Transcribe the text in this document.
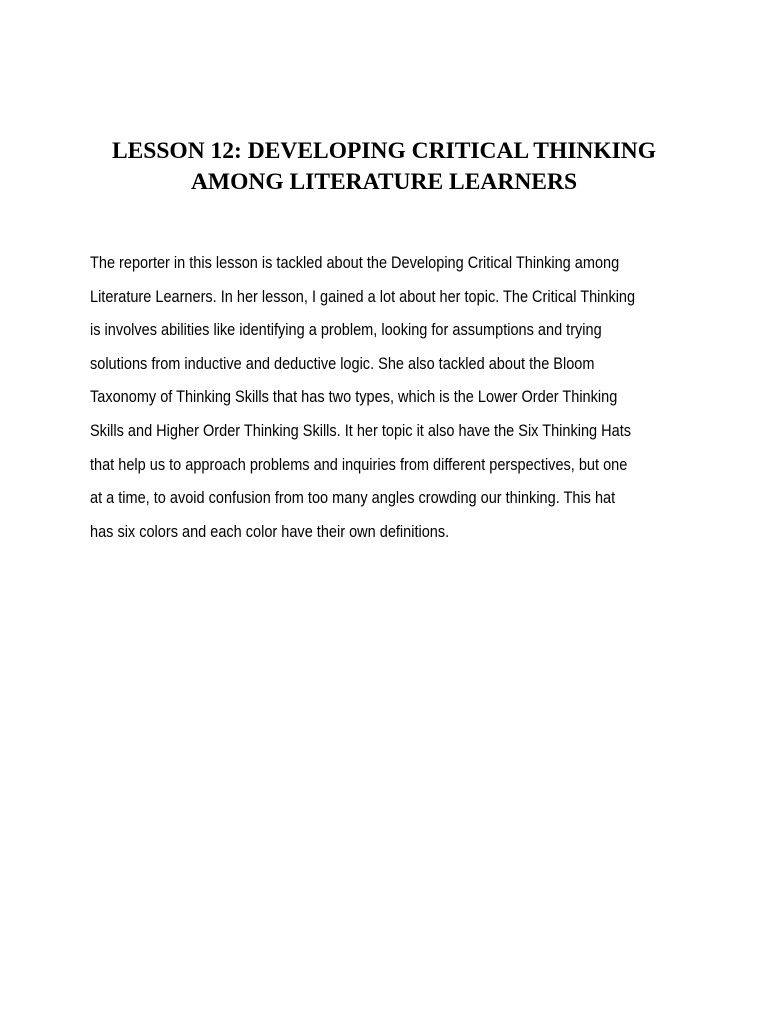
LESSON 12: DEVELOPING CRITICAL THINKING
AMONG LITERATURE LEARNERS

The reporter in this lesson is tackled about the Developing Critical Thinking among
Literature Learners. In her lesson, I gained a lot about her topic. The Critical Thinking
is involves abilities like identifying a problem, looking for assumptions and trying
solutions from inductive and deductive logic. She also tackled about the Bloom
Taxonomy of Thinking Skills that has two types, which is the Lower Order Thinking
Skills and Higher Order Thinking Skills. It her topic it also have the Six Thinking Hats
that help us to approach problems and inquiries from different perspectives, but one
at a time, to avoid confusion from too many angles crowding our thinking. This hat
has six colors and each color have their own definitions.
